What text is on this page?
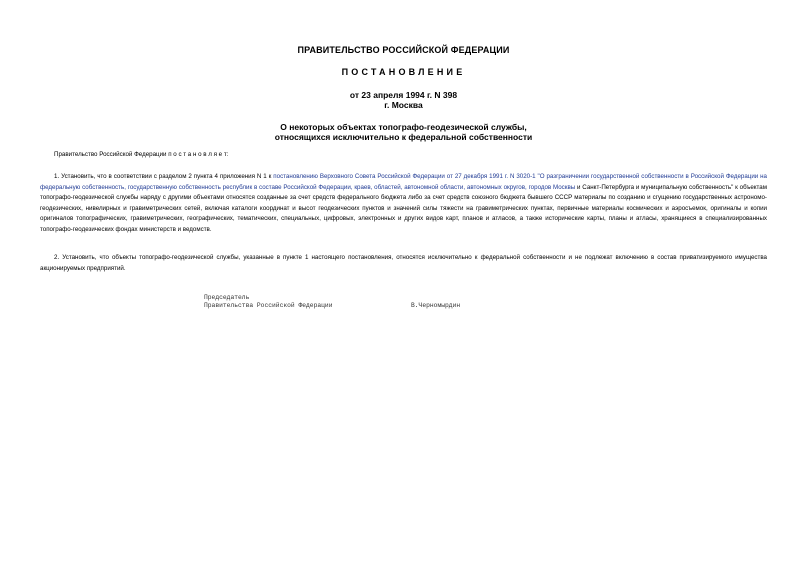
ПРАВИТЕЛЬСТВО РОССИЙСКОЙ ФЕДЕРАЦИИ
ПОСТАНОВЛЕНИЕ
от 23 апреля 1994 г. N 398
г. Москва
О некоторых объектах топографо-геодезической службы,
относящихся исключительно к федеральной собственности
Правительство Российской Федерации п о с т а н о в л я е т:
1. Установить, что в соответствии с разделом 2 пункта 4 приложения N 1 к постановлению Верховного Совета Российской Федерации от 27 декабря 1991 г. N 3020-1 "О разграничении государственной собственности в Российской Федерации на федеральную собственность, государственную собственность республик в составе Российской Федерации, краев, областей, автономной области, автономных округов, городов Москвы и Санкт-Петербурга и муниципальную собственность" к объектам топографо-геодезической службы наряду с другими объектами относятся созданные за счет средств федерального бюджета либо за счет средств союзного бюджета бывшего СССР материалы по созданию и сгущению государственных астрономо-геодезических, нивелирных и гравиметрических сетей, включая каталоги координат и высот геодезических пунктов и значений силы тяжести на гравиметрических пунктах, первичные материалы космических и аэросъемок, оригиналы и копии оригиналов топографических, гравиметрических, географических, тематических, специальных, цифровых, электронных и других видов карт, планов и атласов, а также исторические карты, планы и атласы, хранящиеся в специализированных топографо-геодезических фондах министерств и ведомств.
2. Установить, что объекты топографо-геодезической службы, указанные в пункте 1 настоящего постановления, относятся исключительно к федеральной собственности и не подлежат включению в состав приватизируемого имущества акционируемых предприятий.
Председатель
Правительства Российской Федерации	В.Черномырдин
